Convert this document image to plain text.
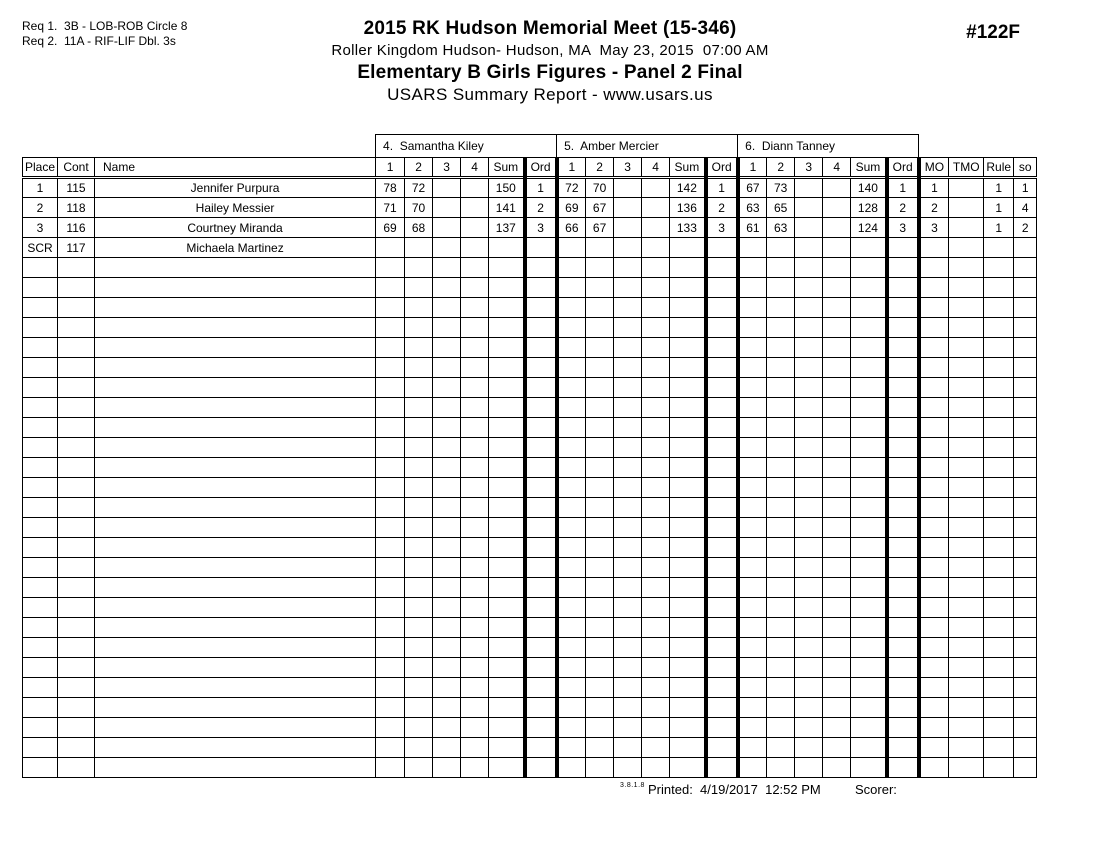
Req 1.  3B - LOB-ROB Circle 8
Req 2.  11A - RIF-LIF Dbl. 3s
2015 RK Hudson Memorial Meet (15-346)
Roller Kingdom Hudson- Hudson, MA  May 23, 2015  07:00 AM
Elementary B Girls Figures - Panel 2 Final
USARS Summary Report - www.usars.us
#122F
			4.  Samantha Kiley						5.  Amber Mercier						6.  Diann Tanney									
Place	Cont	Name	1	2	3	4	Sum	Ord	1	2	3	4	Sum	Ord	1	2	3	4	Sum	Ord	MO	TMO	Rule	so
1	115	Jennifer Purpura	78	72			150	1	72	70			142	1	67	73			140	1	1		1	1
2	118	Hailey Messier	71	70			141	2	69	67			136	2	63	65			128	2	2		1	4
3	116	Courtney Miranda	69	68			137	3	66	67			133	3	61	63			124	3	3		1	2
SCR	117	Michaela Martinez																						

3.8.1.8 Printed:  4/19/2017  12:52 PM	Scorer:
